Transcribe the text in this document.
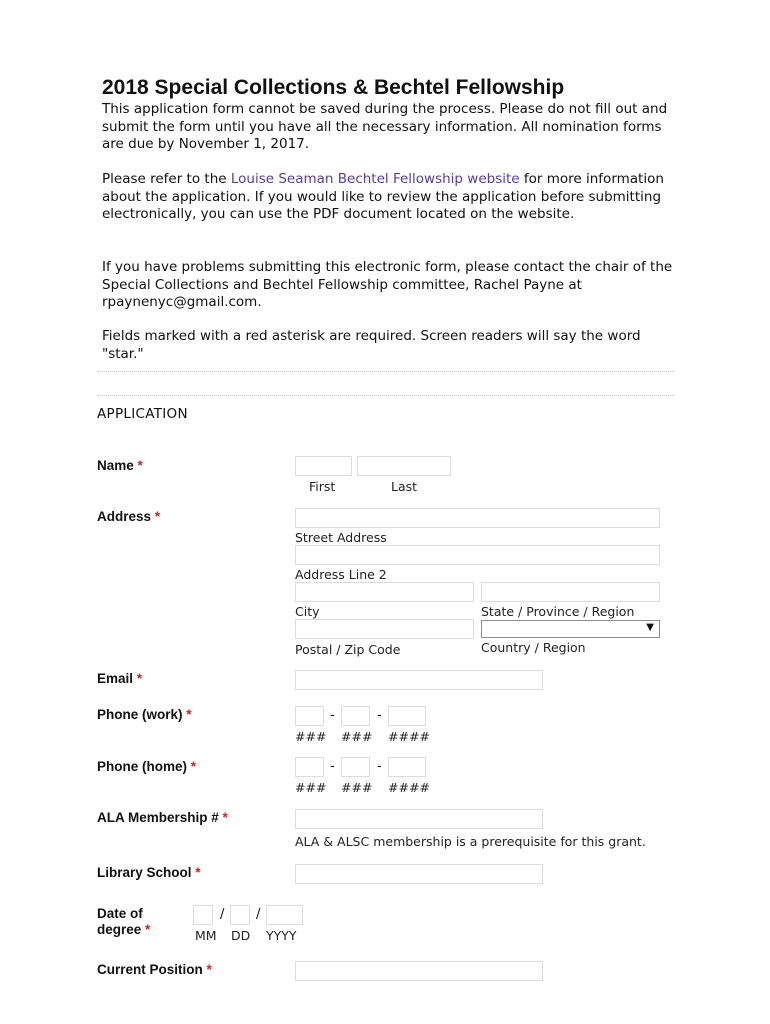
2018 Special Collections & Bechtel Fellowship
This application form cannot be saved during the process. Please do not fill out and submit the form until you have all the necessary information. All nomination forms are due by November 1, 2017.
Please refer to the Louise Seaman Bechtel Fellowship website for more information about the application. If you would like to review the application before submitting electronically, you can use the PDF document located on the website.
If you have problems submitting this electronic form, please contact the chair of the Special Collections and Bechtel Fellowship committee, Rachel Payne at rpaynenyc@gmail.com.
Fields marked with a red asterisk are required. Screen readers will say the word "star."
APPLICATION
Name *
First	Last
Address *
Street Address
Address Line 2
City	State / Province / Region
▼
Postal / Zip Code	Country / Region
Email *
Phone (work) *	-	-
### ### ####
Phone (home) *	-	-
### ### ####
ALA Membership # *
ALA & ALSC membership is a prerequisite for this grant.
Library School *
Date of
degree *
/ /
MM DD YYYY
Current Position *
